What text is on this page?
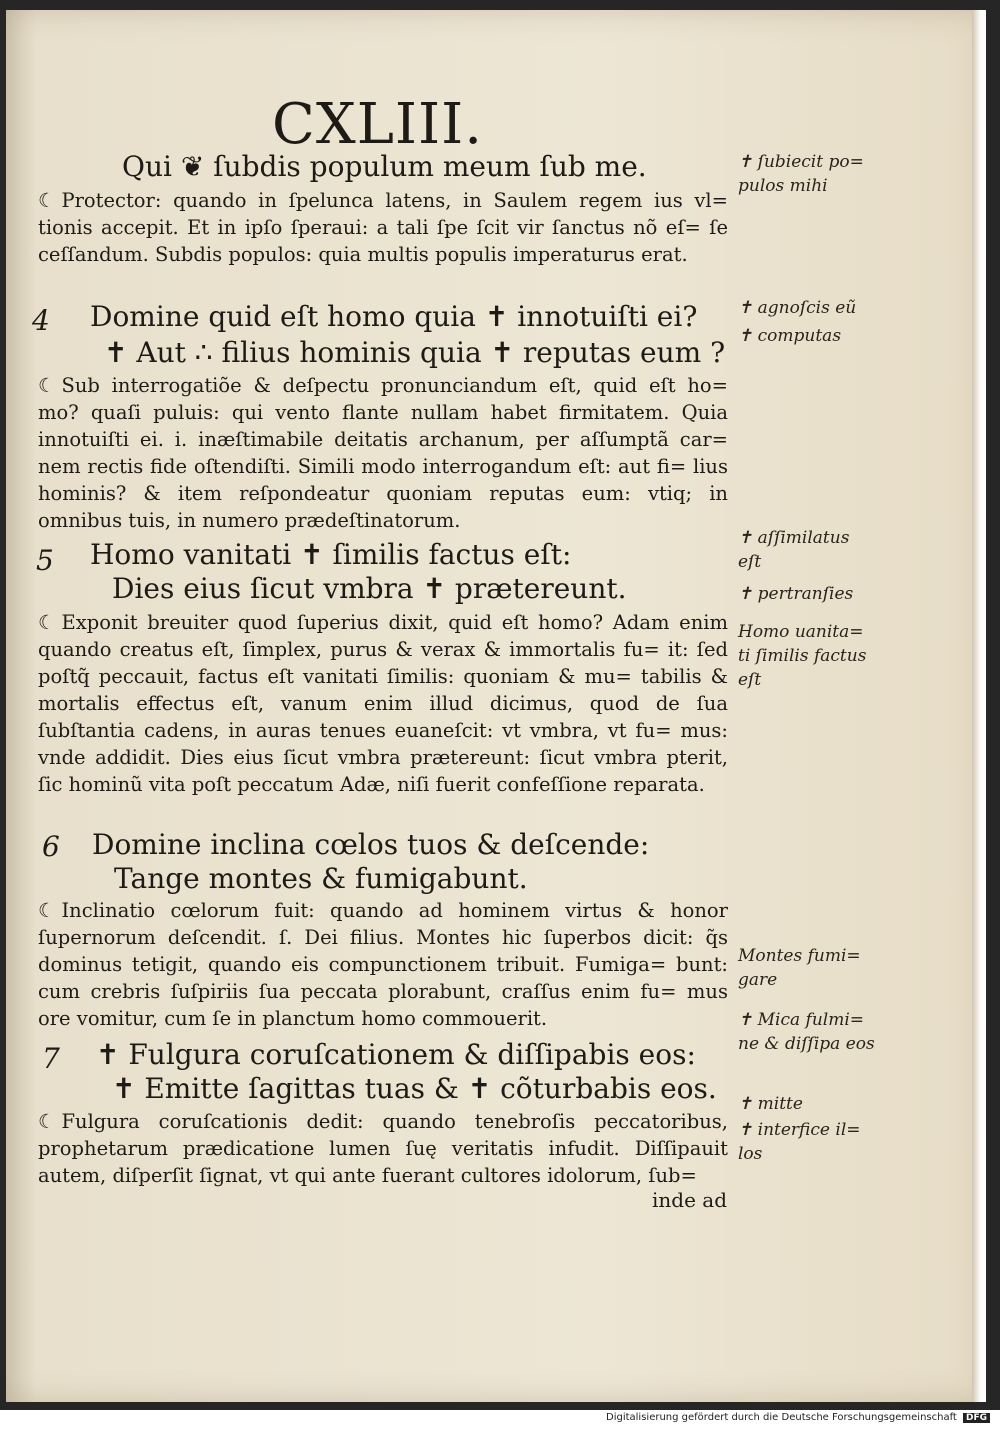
CXLIII.
Qui ❦ ſubdis populum meum ſub me.
☾ Protector: quando in ſpelunca latens, in Saulem regem ius vl= tionis accepit. Et in ipſo ſperaui: a tali ſpe ſcit vir ſanctus nõ eſ= ſe ceſſandum. Subdis populos: quia multis populis imperaturus erat.
4 Domine quid eſt homo quia ✝ innotuiſti ei?
✝ Aut ∴ filius hominis quia ✝ reputas eum ?
☾ Sub interrogatiõe & deſpectu pronunciandum eſt, quid eſt ho= mo? quaſi puluis: qui vento flante nullam habet firmitatem. Quia innotuiſti ei. i. inæſtimabile deitatis archanum, per aſſumptã car= nem rectis fide oſtendiſti. Simili modo interrogandum eſt: aut fi= lius hominis? & item reſpondeatur quoniam reputas eum: vtiq; in omnibus tuis, in numero prædeſtinatorum.
5 Homo vanitati ✝ ſimilis factus eſt:
Dies eius ſicut vmbra ✝ prætereunt.
☾ Exponit breuiter quod ſuperius dixit, quid eſt homo? Adam enim quando creatus eſt, ſimplex, purus & verax & immortalis fu= it: ſed poſtq̃ peccauit, factus eſt vanitati ſimilis: quoniam & mu= tabilis & mortalis effectus eſt, vanum enim illud dicimus, quod de ſua ſubſtantia cadens, in auras tenues euaneſcit: vt vmbra, vt fu= mus: vnde addidit. Dies eius ſicut vmbra prætereunt: ſicut vmbra pterit, ſic hominũ vita poſt peccatum Adæ, niſi fuerit confeſſione reparata.
6 Domine inclina cœlos tuos & deſcende:
Tange montes & fumigabunt.
☾ Inclinatio cœlorum fuit: quando ad hominem virtus & honor ſupernorum deſcendit. ſ. Dei filius. Montes hic ſuperbos dicit: q̃s dominus tetigit, quando eis compunctionem tribuit. Fumiga= bunt: cum crebris ſuſpiriis ſua peccata plorabunt, craſſus enim fu= mus ore vomitur, cum ſe in planctum homo commouerit.
7 ✝ Fulgura coruſcationem & diſſipabis eos:
✝ Emitte ſagittas tuas & ✝ cõturbabis eos.
☾ Fulgura coruſcationis dedit: quando tenebroſis peccatoribus, prophetarum prædicatione lumen ſuę veritatis infudit. Diſſipauit autem, diſperſit ſignat, vt qui ante fuerant cultores idolorum, ſub=
inde ad
✝ ſubiecit po= pulos mihi
✝ agnoſcis eũ
✝ computas
✝ aſſimilatus eſt
✝ pertranſies
Homo uanita= ti ſimilis factus eſt
Montes fumi= gare
✝ Mica fulmi= ne & diſſipa eos
✝ mitte
✝ interfice il= los
Digitalisierung gefördert durch die Deutsche Forschungsgemeinschaft DFG
